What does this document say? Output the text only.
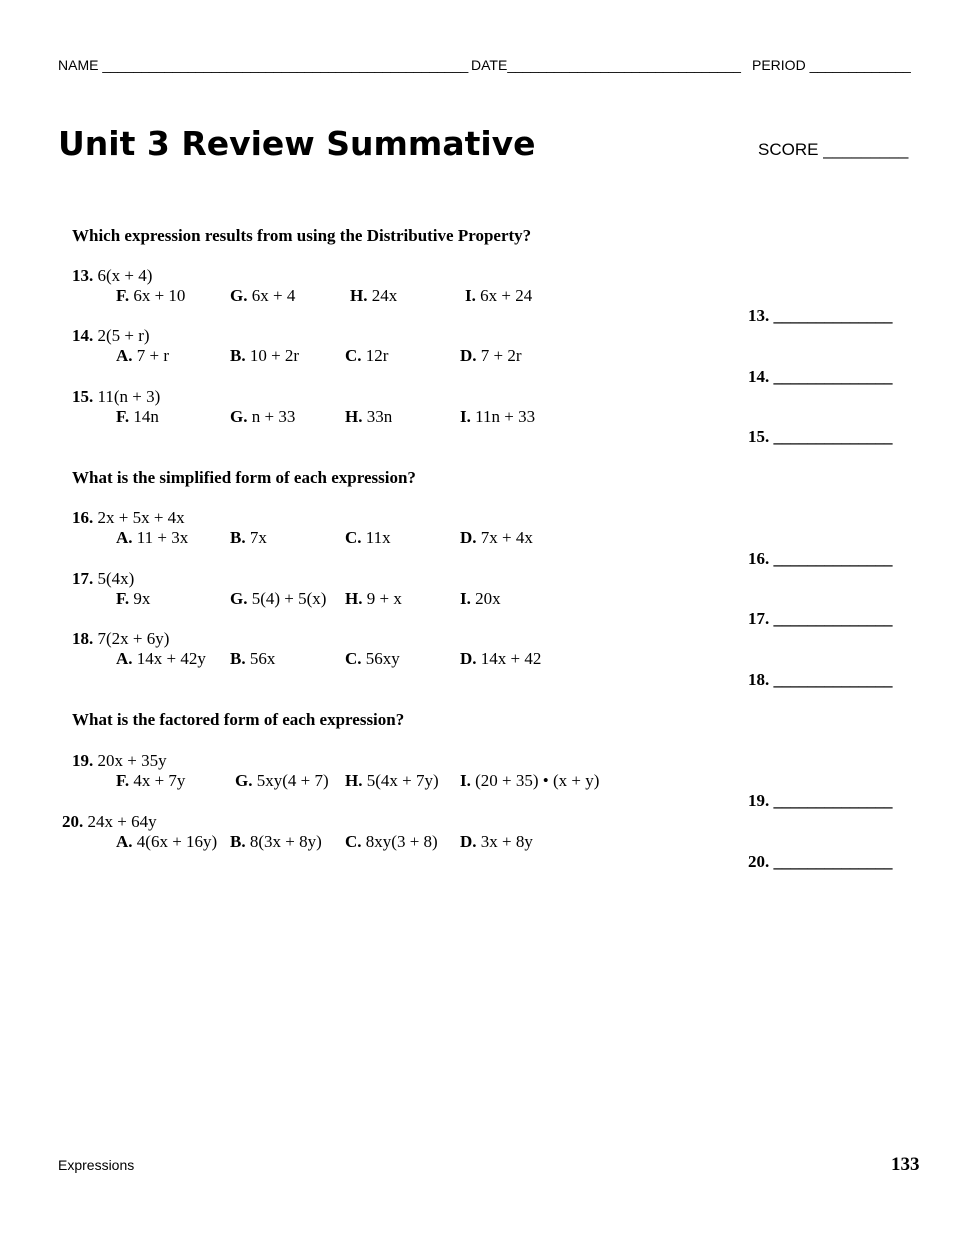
NAME _______________________________________________ DATE______________________________ PERIOD _____________
Unit 3 Review Summative	SCORE _________
Which expression results from using the Distributive Property?
13. 6(x + 4)
F. 6x + 10	G. 6x + 4	H. 24x	I. 6x + 24
13. ______________
14. 2(5 + r)
A. 7 + r	B. 10 + 2r	C. 12r	D. 7 + 2r
14. ______________
15. 11(n + 3)
F. 14n	G. n + 33	H. 33n	I. 11n + 33
15. ______________
What is the simplified form of each expression?
16. 2x + 5x + 4x
A. 11 + 3x B. 7x	C. 11x	D. 7x + 4x
16. ______________
17. 5(4x)
F. 9x	G. 5(4) + 5(x) H. 9 + x	I. 20x
17. ______________
18. 7(2x + 6y)
A. 14x + 42y B. 56x	C. 56xy	D. 14x + 42
18. ______________
What is the factored form of each expression?
19. 20x + 35y
F. 4x + 7y	G. 5xy(4 + 7) H. 5(4x + 7y) I. (20 + 35) • (x + y)
19. ______________
20. 24x + 64y
A. 4(6x + 16y) B. 8(3x + 8y) C. 8xy(3 + 8) D. 3x + 8y
20. ______________
Expressions	133
